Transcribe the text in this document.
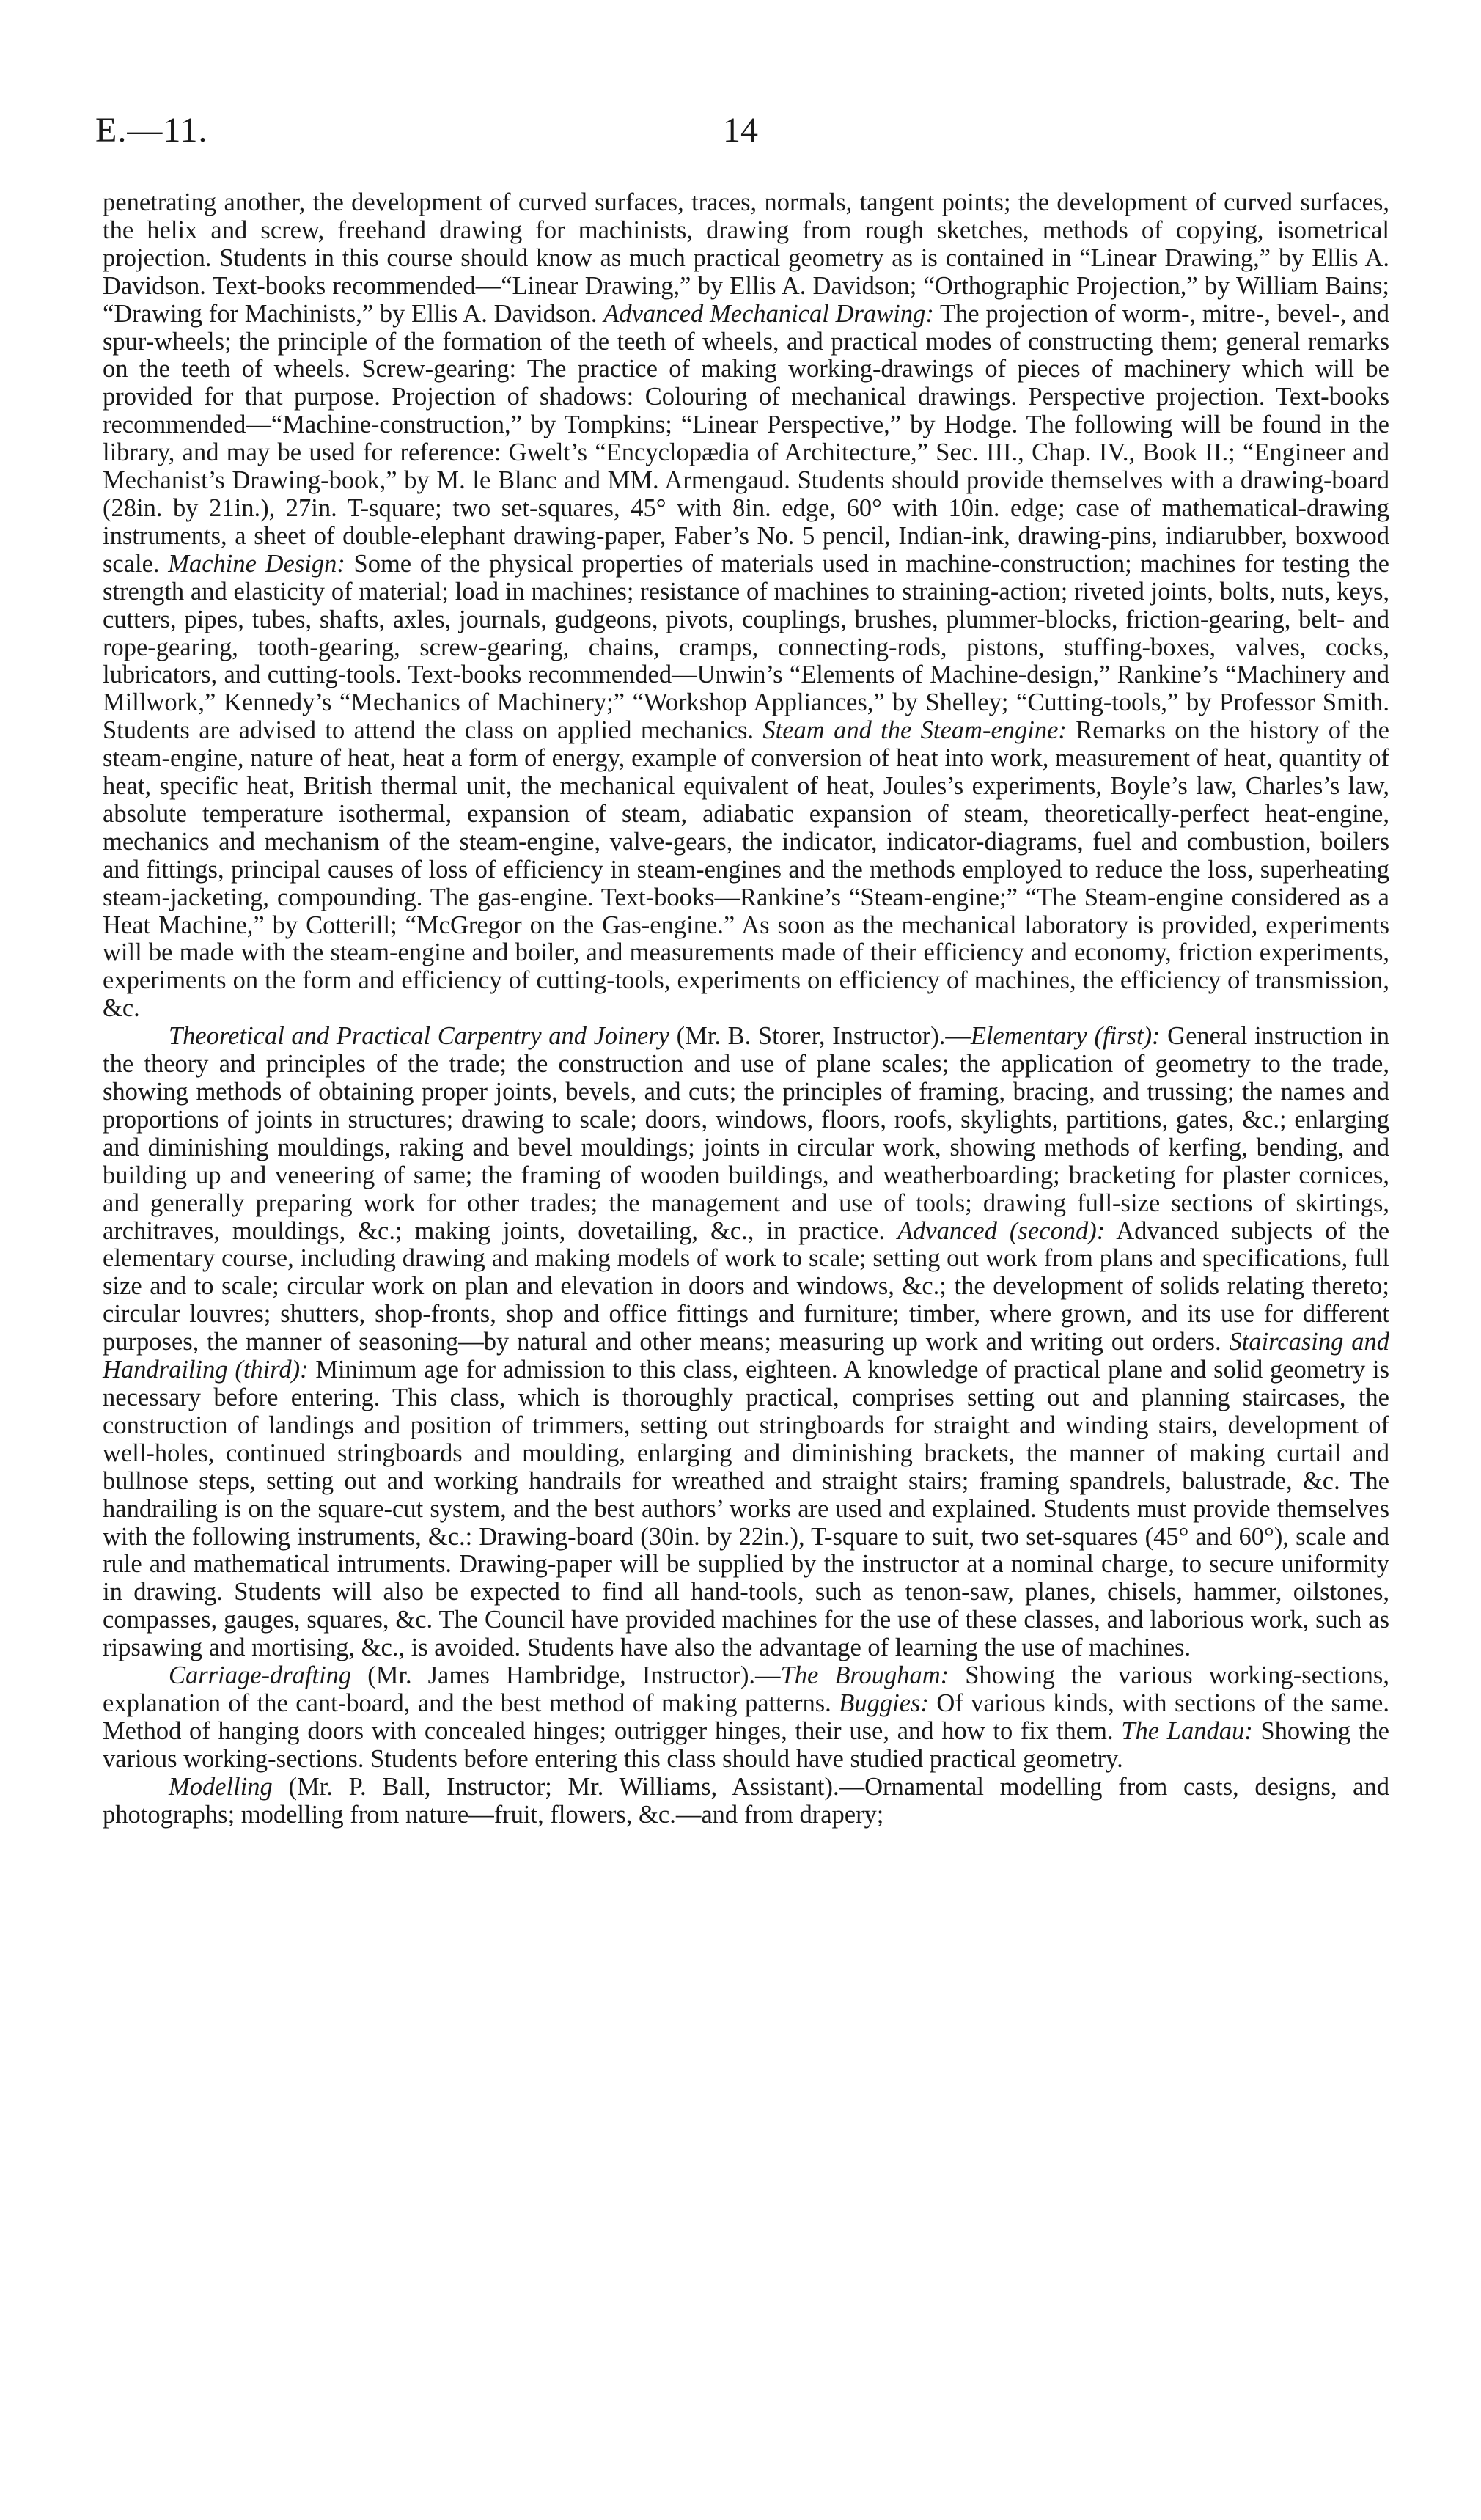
E.—11.	14

penetrating another, the development of curved surfaces, traces, normals, tangent points; the development of curved surfaces, the helix and screw, freehand drawing for machinists, drawing from rough sketches, methods of copying, isometrical projection. Students in this course should know as much practical geometry as is contained in “Linear Drawing,” by Ellis A. Davidson. Text-books recommended—“Linear Drawing,” by Ellis A. Davidson; “Orthographic Projection,” by William Bains; “Drawing for Machinists,” by Ellis A. Davidson. Advanced Mechanical Drawing: The projection of worm-, mitre-, bevel-, and spur-wheels; the principle of the formation of the teeth of wheels, and practical modes of constructing them; general remarks on the teeth of wheels. Screw-gearing: The practice of making working-drawings of pieces of machinery which will be provided for that purpose. Projection of shadows: Colouring of mechanical drawings. Perspective projection. Text-books recommended—“Machine-construction,” by Tompkins; “Linear Perspective,” by Hodge. The following will be found in the library, and may be used for reference: Gwelt’s “Encyclopædia of Architecture,” Sec. III., Chap. IV., Book II.; “Engineer and Mechanist’s Drawing-book,” by M. le Blanc and MM. Armengaud. Students should provide themselves with a drawing-board (28in. by 21in.), 27in. T-square; two set-squares, 45° with 8in. edge, 60° with 10in. edge; case of mathematical-drawing instruments, a sheet of double-elephant drawing-paper, Faber’s No. 5 pencil, Indian-ink, drawing-pins, indiarubber, boxwood scale. Machine Design: Some of the physical properties of materials used in machine-construction; machines for testing the strength and elasticity of material; load in machines; resistance of machines to straining-action; riveted joints, bolts, nuts, keys, cutters, pipes, tubes, shafts, axles, journals, gudgeons, pivots, couplings, brushes, plummer-blocks, friction-gearing, belt- and rope-gearing, tooth-gearing, screw-gearing, chains, cramps, connecting-rods, pistons, stuffing-boxes, valves, cocks, lubricators, and cutting-tools. Text-books recommended—Unwin’s “Elements of Machine-design,” Rankine’s “Machinery and Millwork,” Kennedy’s “Mechanics of Machinery;” “Workshop Appliances,” by Shelley; “Cutting-tools,” by Professor Smith. Students are advised to attend the class on applied mechanics. Steam and the Steam-engine: Remarks on the history of the steam-engine, nature of heat, heat a form of energy, example of conversion of heat into work, measurement of heat, quantity of heat, specific heat, British thermal unit, the mechanical equivalent of heat, Joules’s experiments, Boyle’s law, Charles’s law, absolute temperature isothermal, expansion of steam, adiabatic expansion of steam, theoretically-perfect heat-engine, mechanics and mechanism of the steam-engine, valve-gears, the indicator, indicator-diagrams, fuel and combustion, boilers and fittings, principal causes of loss of efficiency in steam-engines and the methods employed to reduce the loss, superheating steam-jacketing, compounding. The gas-engine. Text-books—Rankine’s “Steam-engine;” “The Steam-engine considered as a Heat Machine,” by Cotterill; “McGregor on the Gas-engine.” As soon as the mechanical laboratory is provided, experiments will be made with the steam-engine and boiler, and measurements made of their efficiency and economy, friction experiments, experiments on the form and efficiency of cutting-tools, experiments on efficiency of machines, the efficiency of transmission, &c.

Theoretical and Practical Carpentry and Joinery (Mr. B. Storer, Instructor).—Elementary (first): General instruction in the theory and principles of the trade; the construction and use of plane scales; the application of geometry to the trade, showing methods of obtaining proper joints, bevels, and cuts; the principles of framing, bracing, and trussing; the names and proportions of joints in structures; drawing to scale; doors, windows, floors, roofs, skylights, partitions, gates, &c.; enlarging and diminishing mouldings, raking and bevel mouldings; joints in circular work, showing methods of kerfing, bending, and building up and veneering of same; the framing of wooden buildings, and weatherboarding; bracketing for plaster cornices, and generally preparing work for other trades; the management and use of tools; drawing full-size sections of skirtings, architraves, mouldings, &c.; making joints, dovetailing, &c., in practice. Advanced (second): Advanced subjects of the elementary course, including drawing and making models of work to scale; setting out work from plans and specifications, full size and to scale; circular work on plan and elevation in doors and windows, &c.; the development of solids relating thereto; circular louvres; shutters, shop-fronts, shop and office fittings and furniture; timber, where grown, and its use for different purposes, the manner of seasoning—by natural and other means; measuring up work and writing out orders. Staircasing and Handrailing (third): Minimum age for admission to this class, eighteen. A knowledge of practical plane and solid geometry is necessary before entering. This class, which is thoroughly practical, comprises setting out and planning staircases, the construction of landings and position of trimmers, setting out stringboards for straight and winding stairs, development of well-holes, continued stringboards and moulding, enlarging and diminishing brackets, the manner of making curtail and bullnose steps, setting out and working handrails for wreathed and straight stairs; framing spandrels, balustrade, &c. The handrailing is on the square-cut system, and the best authors’ works are used and explained. Students must provide themselves with the following instruments, &c.: Drawing-board (30in. by 22in.), T-square to suit, two set-squares (45° and 60°), scale and rule and mathematical intruments. Drawing-paper will be supplied by the instructor at a nominal charge, to secure uniformity in drawing. Students will also be expected to find all hand-tools, such as tenon-saw, planes, chisels, hammer, oilstones, compasses, gauges, squares, &c. The Council have provided machines for the use of these classes, and laborious work, such as ripsawing and mortising, &c., is avoided. Students have also the advantage of learning the use of machines.

Carriage-drafting (Mr. James Hambridge, Instructor).—The Brougham: Showing the various working-sections, explanation of the cant-board, and the best method of making patterns. Buggies: Of various kinds, with sections of the same. Method of hanging doors with concealed hinges; outrigger hinges, their use, and how to fix them. The Landau: Showing the various working-sections. Students before entering this class should have studied practical geometry.

Modelling (Mr. P. Ball, Instructor; Mr. Williams, Assistant).—Ornamental modelling from casts, designs, and photographs; modelling from nature—fruit, flowers, &c.—and from drapery;
